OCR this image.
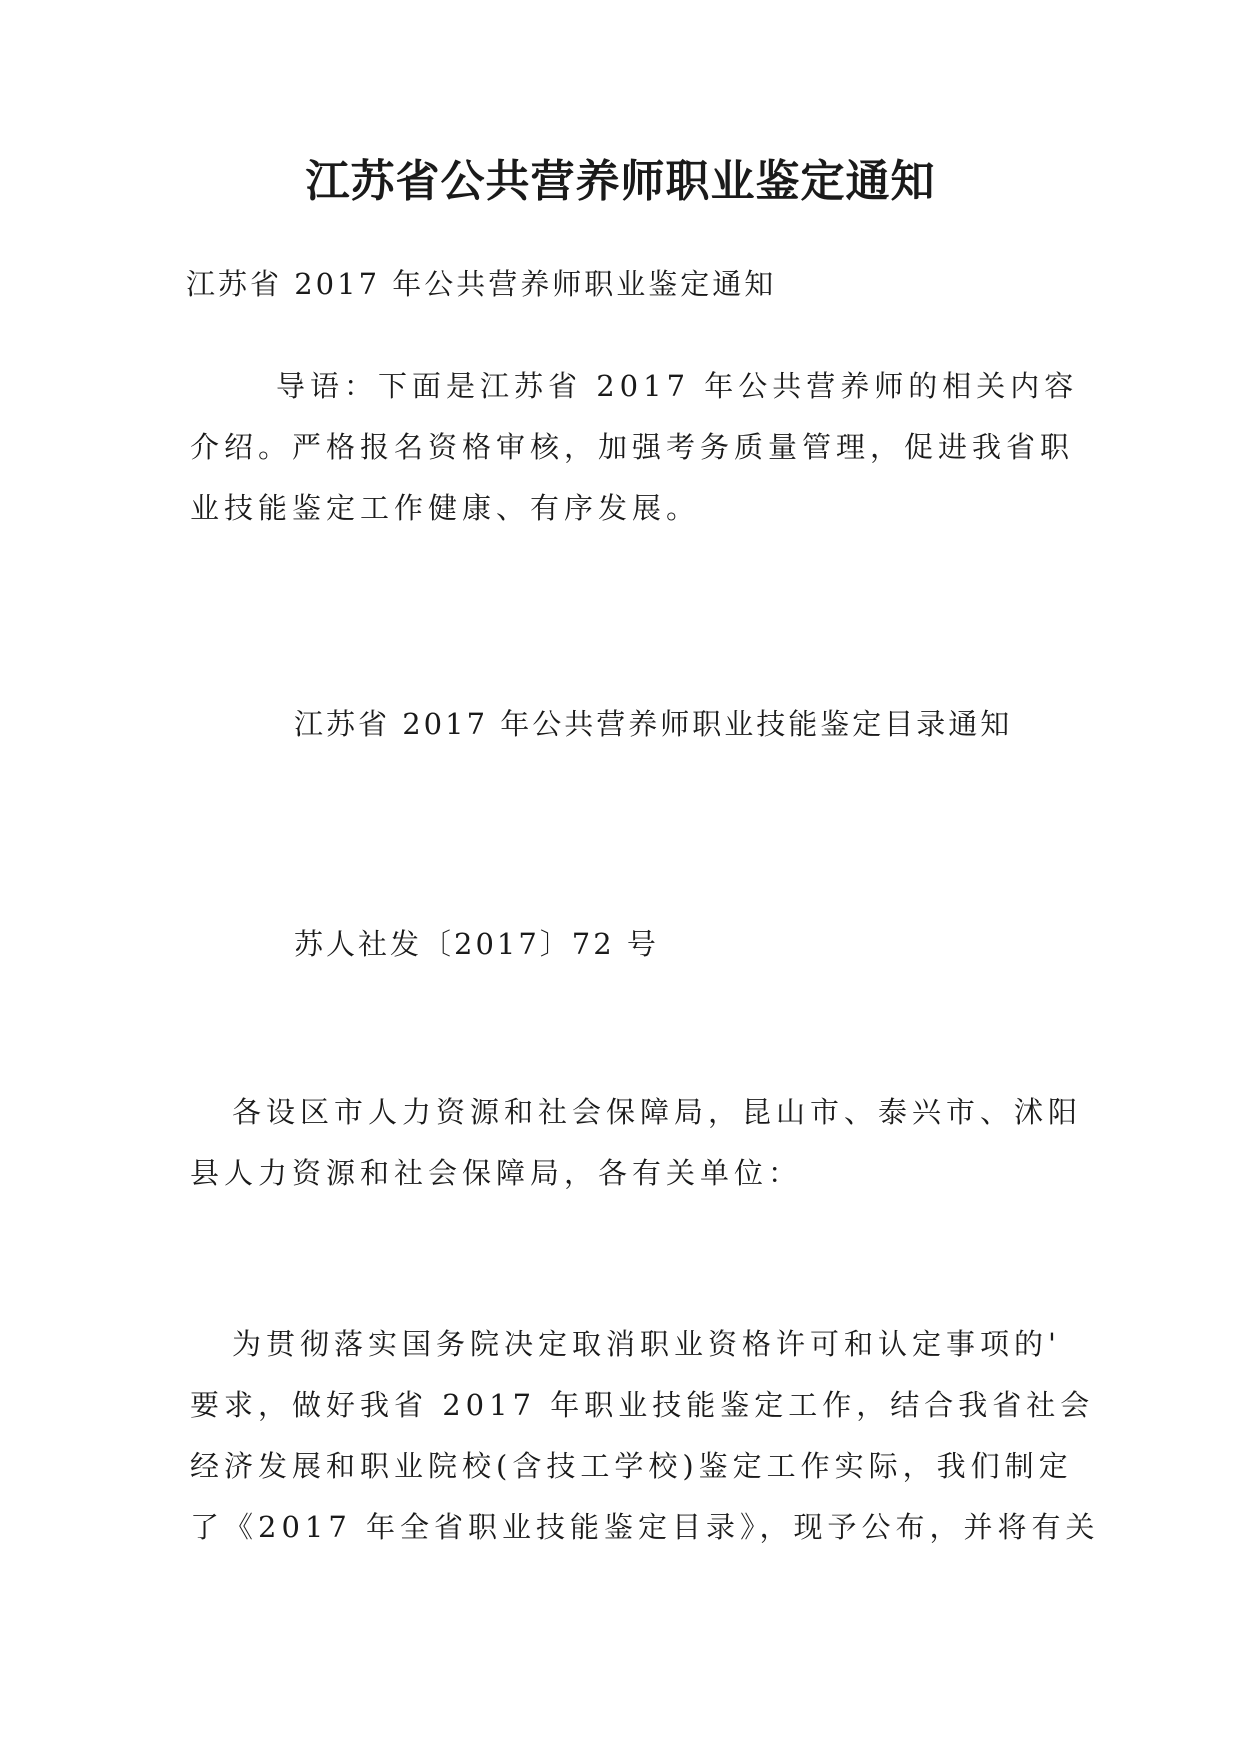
江苏省公共营养师职业鉴定通知

江苏省 2017 年公共营养师职业鉴定通知

导语：下面是江苏省 2017 年公共营养师的相关内容
介绍。严格报名资格审核，加强考务质量管理，促进我省职
业技能鉴定工作健康、有序发展。

江苏省 2017 年公共营养师职业技能鉴定目录通知

苏人社发〔2017〕72 号

各设区市人力资源和社会保障局，昆山市、泰兴市、沭阳
县人力资源和社会保障局，各有关单位：
为贯彻落实国务院决定取消职业资格许可和认定事项的'
要求，做好我省 2017 年职业技能鉴定工作，结合我省社会
经济发展和职业院校(含技工学校)鉴定工作实际，我们制定
了《2017 年全省职业技能鉴定目录》，现予公布，并将有关
